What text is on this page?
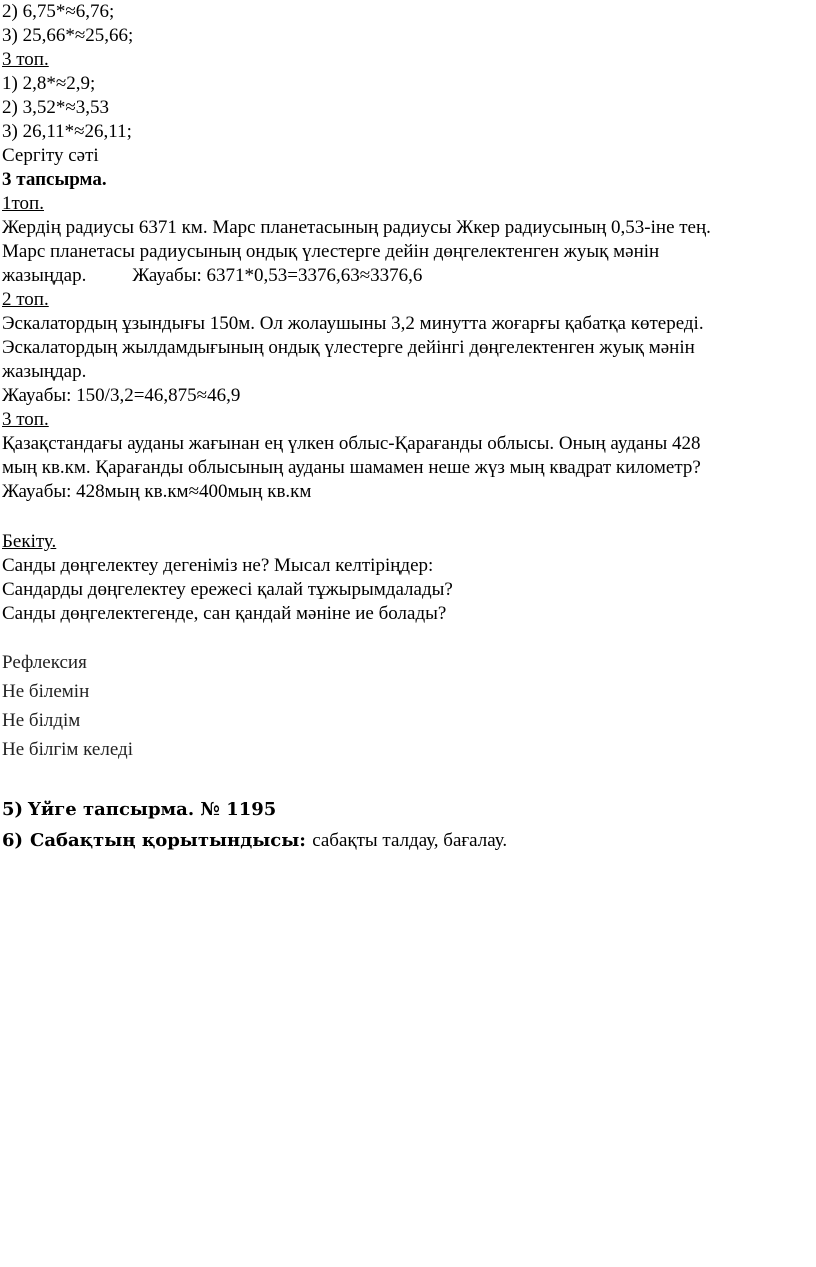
2) 6,75*≈6,76;
3) 25,66*≈25,66;
3 топ.
1) 2,8*≈2,9;
2) 3,52*≈3,53
3) 26,11*≈26,11;
Сергіту сәті
3 тапсырма.
1топ.
Жердің радиусы 6371 км. Марс планетасының радиусы Жкер радиусының 0,53-іне тең.
Марс планетасы радиусының ондық үлестерге дейін дөңгелектенген жуық мәнін
жазыңдар. Жауабы: 6371*0,53=3376,63≈3376,6
2 топ.
Эскалатордың ұзындығы 150м. Ол жолаушыны 3,2 минутта жоғарғы қабатқа көтереді.
Эскалатордың жылдамдығының ондық үлестерге дейінгі дөңгелектенген жуық мәнін
жазыңдар.
Жауабы: 150/3,2=46,875≈46,9
3 топ.
Қазақстандағы ауданы жағынан ең үлкен облыс-Қарағанды облысы. Оның ауданы 428
мың кв.км. Қарағанды облысының ауданы шамамен неше жүз мың квадрат километр?
Жауабы: 428мың кв.км≈400мың кв.км
Бекіту.
Санды дөңгелектеу дегеніміз не? Мысал келтіріңдер:
Сандарды дөңгелектеу ережесі қалай тұжырымдалады?
Санды дөңгелектегенде, сан қандай мәніне ие болады?
Рефлексия
Не білемін
Не білдім
Не білгім келеді
5) Үйге тапсырма. № 1195
6) Сабақтың қорытындысы: сабақты талдау, бағалау.
